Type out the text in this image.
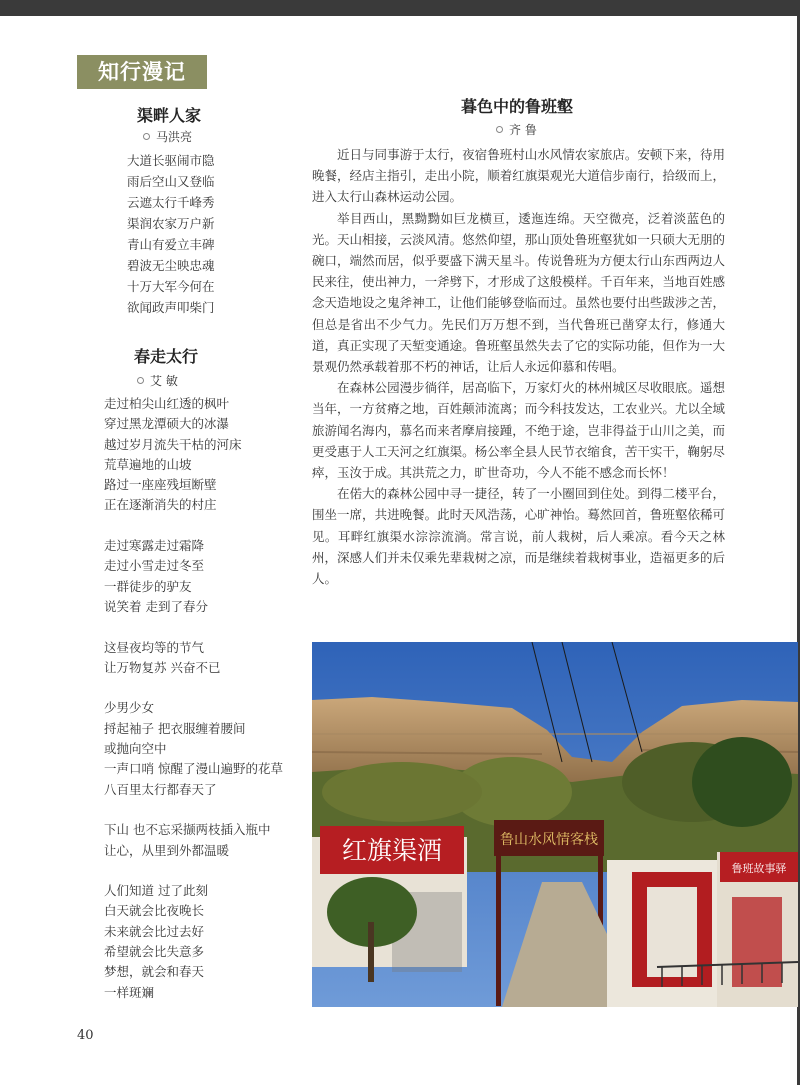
知行漫记
渠畔人家
马洪亮
大道长驱闹市隐
雨后空山又登临
云遮太行千峰秀
渠润农家万户新
青山有爱立丰碑
碧波无尘映忠魂
十万大军今何在
欲闻政声叩柴门
春走太行
艾 敏
走过柏尖山红透的枫叶
穿过黑龙潭硕大的冰瀑
越过岁月流失干枯的河床
荒草遍地的山坡
路过一座座残垣断壁
正在逐渐消失的村庄
走过寒露走过霜降
走过小雪走过冬至
一群徒步的驴友
说笑着 走到了春分
这昼夜均等的节气
让万物复苏 兴奋不已
少男少女
捋起袖子 把衣服缠着腰间
或抛向空中
一声口哨 惊醒了漫山遍野的花草
八百里太行都春天了
下山 也不忘采撷两枝插入瓶中
让心，从里到外都温暖
人们知道 过了此刻
白天就会比夜晚长
未来就会比过去好
希望就会比失意多
梦想，就会和春天
一样斑斓
暮色中的鲁班壑
齐 鲁

近日与同事游于太行，夜宿鲁班村山水风情农家旅店。安顿下来，待用晚餐，经店主指引，走出小院，顺着红旗渠观光大道信步南行，拾级而上，进入太行山森林运动公园。

举目西山，黑黝黝如巨龙横亘，逶迤连绵。天空微亮，泛着淡蓝色的光。天山相接，云淡风清。悠然仰望，那山顶处鲁班壑犹如一只硕大无朋的碗口，端然而居，似乎要盛下满天星斗。传说鲁班为方便太行山东西两边人民来往，使出神力，一斧劈下，才形成了这般模样。千百年来，当地百姓感念天造地设之鬼斧神工，让他们能够登临而过。虽然也要付出些跋涉之苦，但总是省出不少气力。先民们万万想不到，当代鲁班已凿穿太行，修通大道，真正实现了天堑变通途。鲁班壑虽然失去了它的实际功能，但作为一大景观仍然承载着那不朽的神话，让后人永远仰慕和传唱。

在森林公园漫步徜徉，居高临下，万家灯火的林州城区尽收眼底。遥想当年，一方贫瘠之地，百姓颠沛流离；而今科技发达，工农业兴。尤以全域旅游闻名海内，慕名而来者摩肩接踵，不绝于途，岂非得益于山川之美，而更受惠于人工天河之红旗渠。杨公率全县人民节衣缩食，苦干实干，鞠躬尽瘁，玉汝于成。其洪荒之力，旷世奇功，今人不能不感念而长怀！

在偌大的森林公园中寻一捷径，转了一小圈回到住处。到得二楼平台，围坐一席，共进晚餐。此时天风浩荡，心旷神怡。蓦然回首，鲁班壑依稀可见。耳畔红旗渠水淙淙流淌。常言说，前人栽树，后人乘凉。看今天之林州，深感人们并未仅乘先辈栽树之凉，而是继续着栽树事业，造福更多的后人。

红旗渠酒	鲁山水风情客栈
鲁班故事驿
40
